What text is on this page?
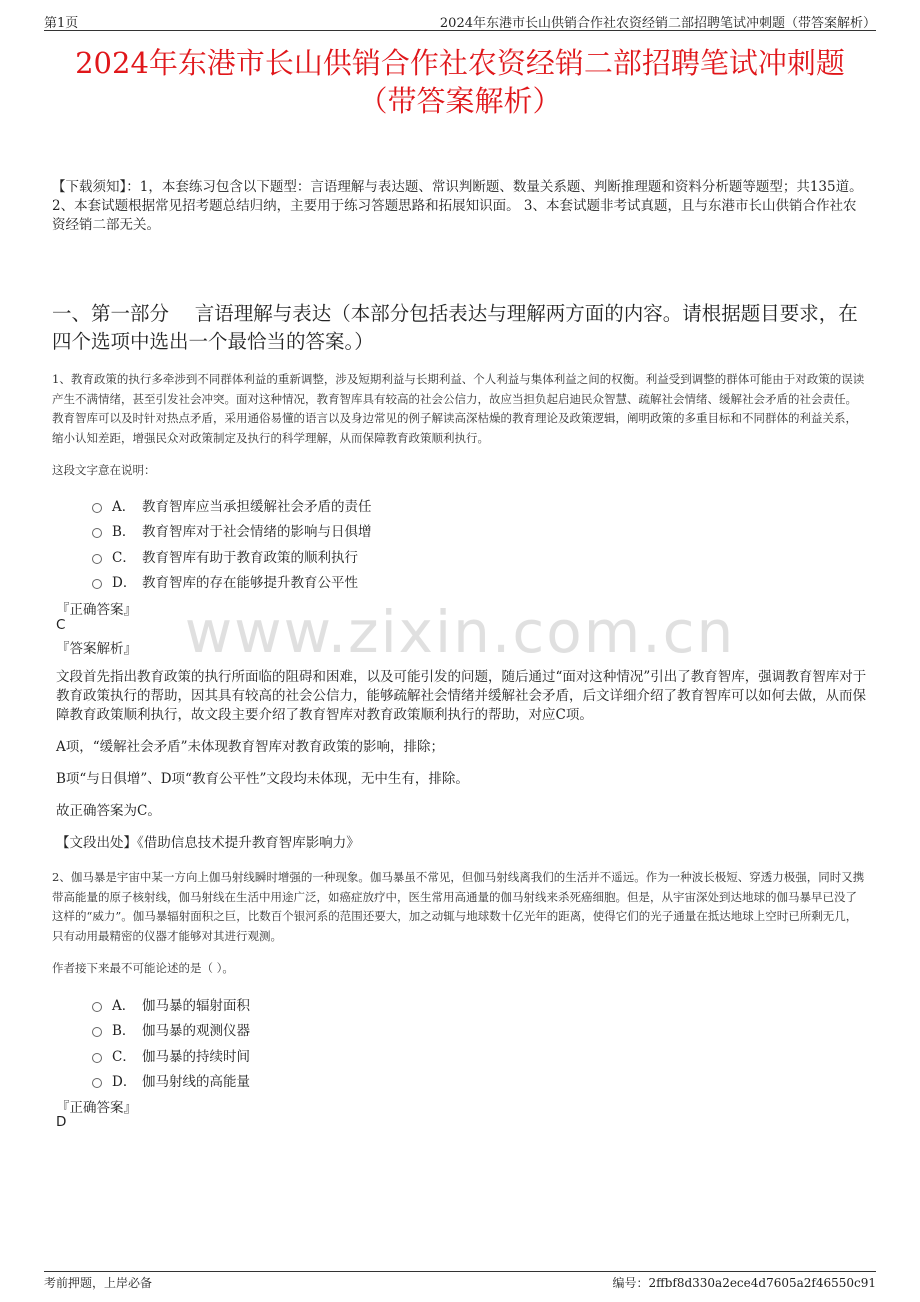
第1页	2024年东港市长山供销合作社农资经销二部招聘笔试冲刺题（带答案解析）
2024年东港市长山供销合作社农资经销二部招聘笔试冲刺题
（带答案解析）
【下载须知】：1，本套练习包含以下题型：言语理解与表达题、常识判断题、数量关系题、判断推理题和资料分析题等题型；共135道。 2、本套试题根据常见招考题总结归纳，主要用于练习答题思路和拓展知识面。 3、本套试题非考试真题，且与东港市长山供销合作社农资经销二部无关。
一、第一部分　 言语理解与表达（本部分包括表达与理解两方面的内容。请根据题目要求，在四个选项中选出一个最恰当的答案。）
www.zixin.com.cn
1、教育政策的执行多牵涉到不同群体利益的重新调整，涉及短期利益与长期利益、个人利益与集体利益之间的权衡。利益受到调整的群体可能由于对政策的误读产生不满情绪，甚至引发社会冲突。面对这种情况，教育智库具有较高的社会公信力，故应当担负起启迪民众智慧、疏解社会情绪、缓解社会矛盾的社会责任。教育智库可以及时针对热点矛盾，采用通俗易懂的语言以及身边常见的例子解读高深枯燥的教育理论及政策逻辑，阐明政策的多重目标和不同群体的利益关系，缩小认知差距，增强民众对政策制定及执行的科学理解，从而保障教育政策顺利执行。
这段文字意在说明：
A． 教育智库应当承担缓解社会矛盾的责任
B． 教育智库对于社会情绪的影响与日俱增
C． 教育智库有助于教育政策的顺利执行
D． 教育智库的存在能够提升教育公平性
『正确答案』
C
『答案解析』
文段首先指出教育政策的执行所面临的阻碍和困难，以及可能引发的问题，随后通过“面对这种情况”引出了教育智库，强调教育智库对于教育政策执行的帮助，因其具有较高的社会公信力，能够疏解社会情绪并缓解社会矛盾，后文详细介绍了教育智库可以如何去做，从而保障教育政策顺利执行，故文段主要介绍了教育智库对教育政策顺利执行的帮助，对应C项。
A项，“缓解社会矛盾”未体现教育智库对教育政策的影响，排除；
B项“与日俱增”、D项“教育公平性”文段均未体现，无中生有，排除。
故正确答案为C。
【文段出处】《借助信息技术提升教育智库影响力》
2、伽马暴是宇宙中某一方向上伽马射线瞬时增强的一种现象。伽马暴虽不常见，但伽马射线离我们的生活并不遥远。作为一种波长极短、穿透力极强，同时又携带高能量的原子核射线，伽马射线在生活中用途广泛，如癌症放疗中，医生常用高通量的伽马射线来杀死癌细胞。但是，从宇宙深处到达地球的伽马暴早已没了这样的“威力”。伽马暴辐射面积之巨，比数百个银河系的范围还要大，加之动辄与地球数十亿光年的距离，使得它们的光子通量在抵达地球上空时已所剩无几，只有动用最精密的仪器才能够对其进行观测。
作者接下来最不可能论述的是（ ）。
A． 伽马暴的辐射面积
B． 伽马暴的观测仪器
C． 伽马暴的持续时间
D． 伽马射线的高能量
『正确答案』
D
考前押题，上岸必备	编号：2ffbf8d330a2ece4d7605a2f46550c91
